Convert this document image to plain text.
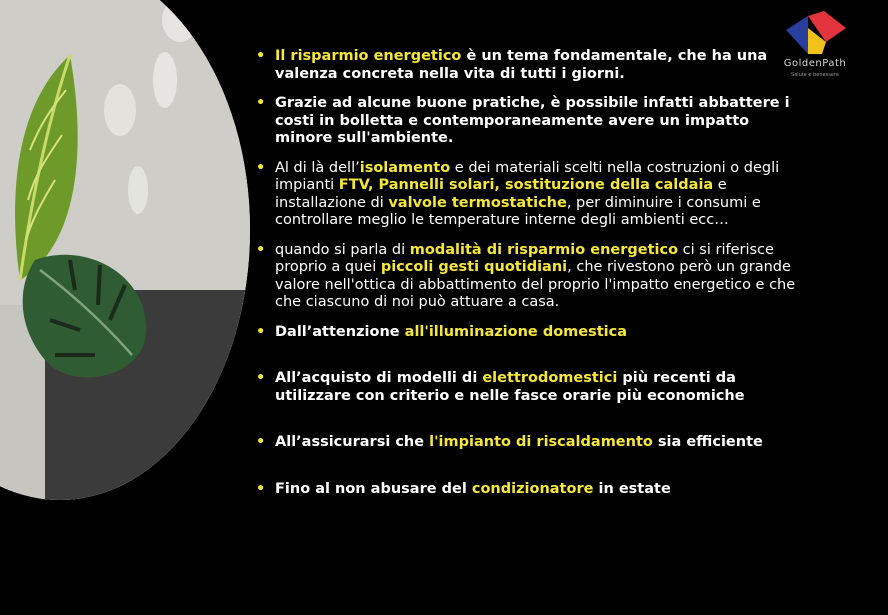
GoldenPath
Salute e benessere
• Il risparmio energetico è un tema fondamentale, che ha una valenza concreta nella vita di tutti i giorni.
• Grazie ad alcune buone pratiche, è possibile infatti abbattere i costi in bolletta e contemporaneamente avere un impatto minore sull'ambiente.
• Al di là dell’isolamento e dei materiali scelti nella costruzioni o degli impianti FTV, Pannelli solari, sostituzione della caldaia e installazione di valvole termostatiche, per diminuire i consumi e controllare meglio le temperature interne degli ambienti ecc…
• quando si parla di modalità di risparmio energetico ci si riferisce proprio a quei piccoli gesti quotidiani, che rivestono però un grande valore nell'ottica di abbattimento del proprio l'impatto energetico e che che ciascuno di noi può attuare a casa.
• Dall’attenzione all'illuminazione domestica
• All’acquisto di modelli di elettrodomestici più recenti da utilizzare con criterio e nelle fasce orarie più economiche
• All’assicurarsi che l'impianto di riscaldamento sia efficiente
• Fino al non abusare del condizionatore in estate
